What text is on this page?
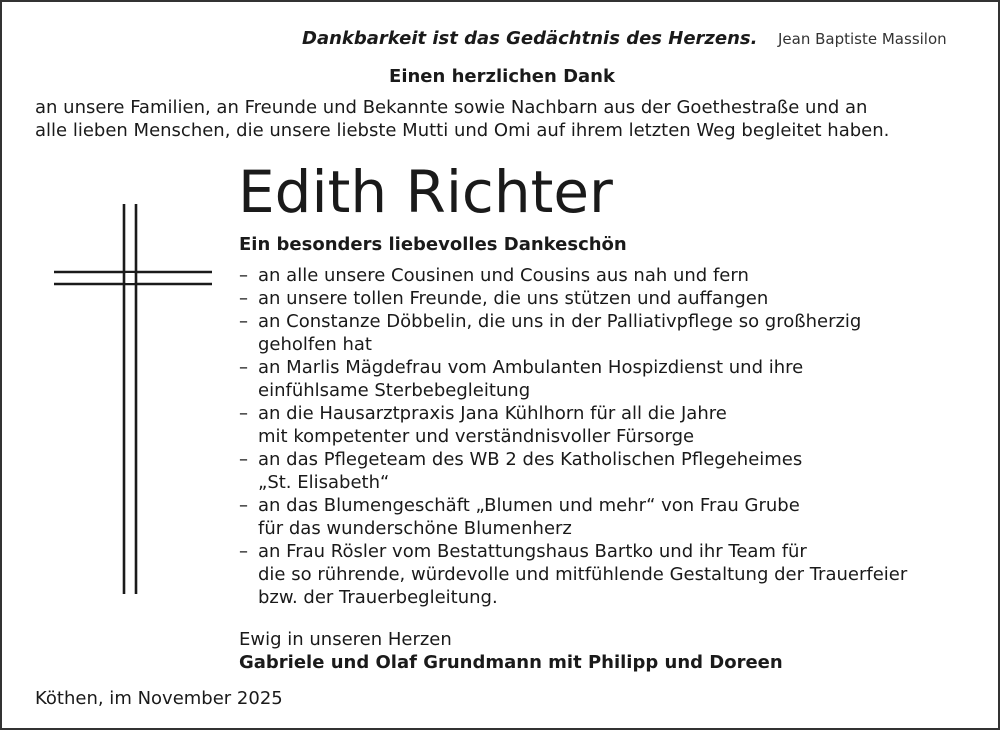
Dankbarkeit ist das Gedächtnis des Herzens. Jean Baptiste Massilon
Einen herzlichen Dank
an unsere Familien, an Freunde und Bekannte sowie Nachbarn aus der Goethestraße und an
alle lieben Menschen, die unsere liebste Mutti und Omi auf ihrem letzten Weg begleitet haben.
Edith Richter
Ein besonders liebevolles Dankeschön
– an alle unsere Cousinen und Cousins aus nah und fern
– an unsere tollen Freunde, die uns stützen und auffangen
– an Constanze Döbbelin, die uns in der Palliativpflege so großherzig
geholfen hat
– an Marlis Mägdefrau vom Ambulanten Hospizdienst und ihre
einfühlsame Sterbebegleitung
– an die Hausarztpraxis Jana Kühlhorn für all die Jahre
mit kompetenter und verständnisvoller Fürsorge
– an das Pflegeteam des WB 2 des Katholischen Pflegeheimes
„St. Elisabeth“
– an das Blumengeschäft „Blumen und mehr“ von Frau Grube
für das wunderschöne Blumenherz
– an Frau Rösler vom Bestattungshaus Bartko und ihr Team für
die so rührende, würdevolle und mitfühlende Gestaltung der Trauerfeier
bzw. der Trauerbegleitung.
Ewig in unseren Herzen
Gabriele und Olaf Grundmann mit Philipp und Doreen
Köthen, im November 2025
